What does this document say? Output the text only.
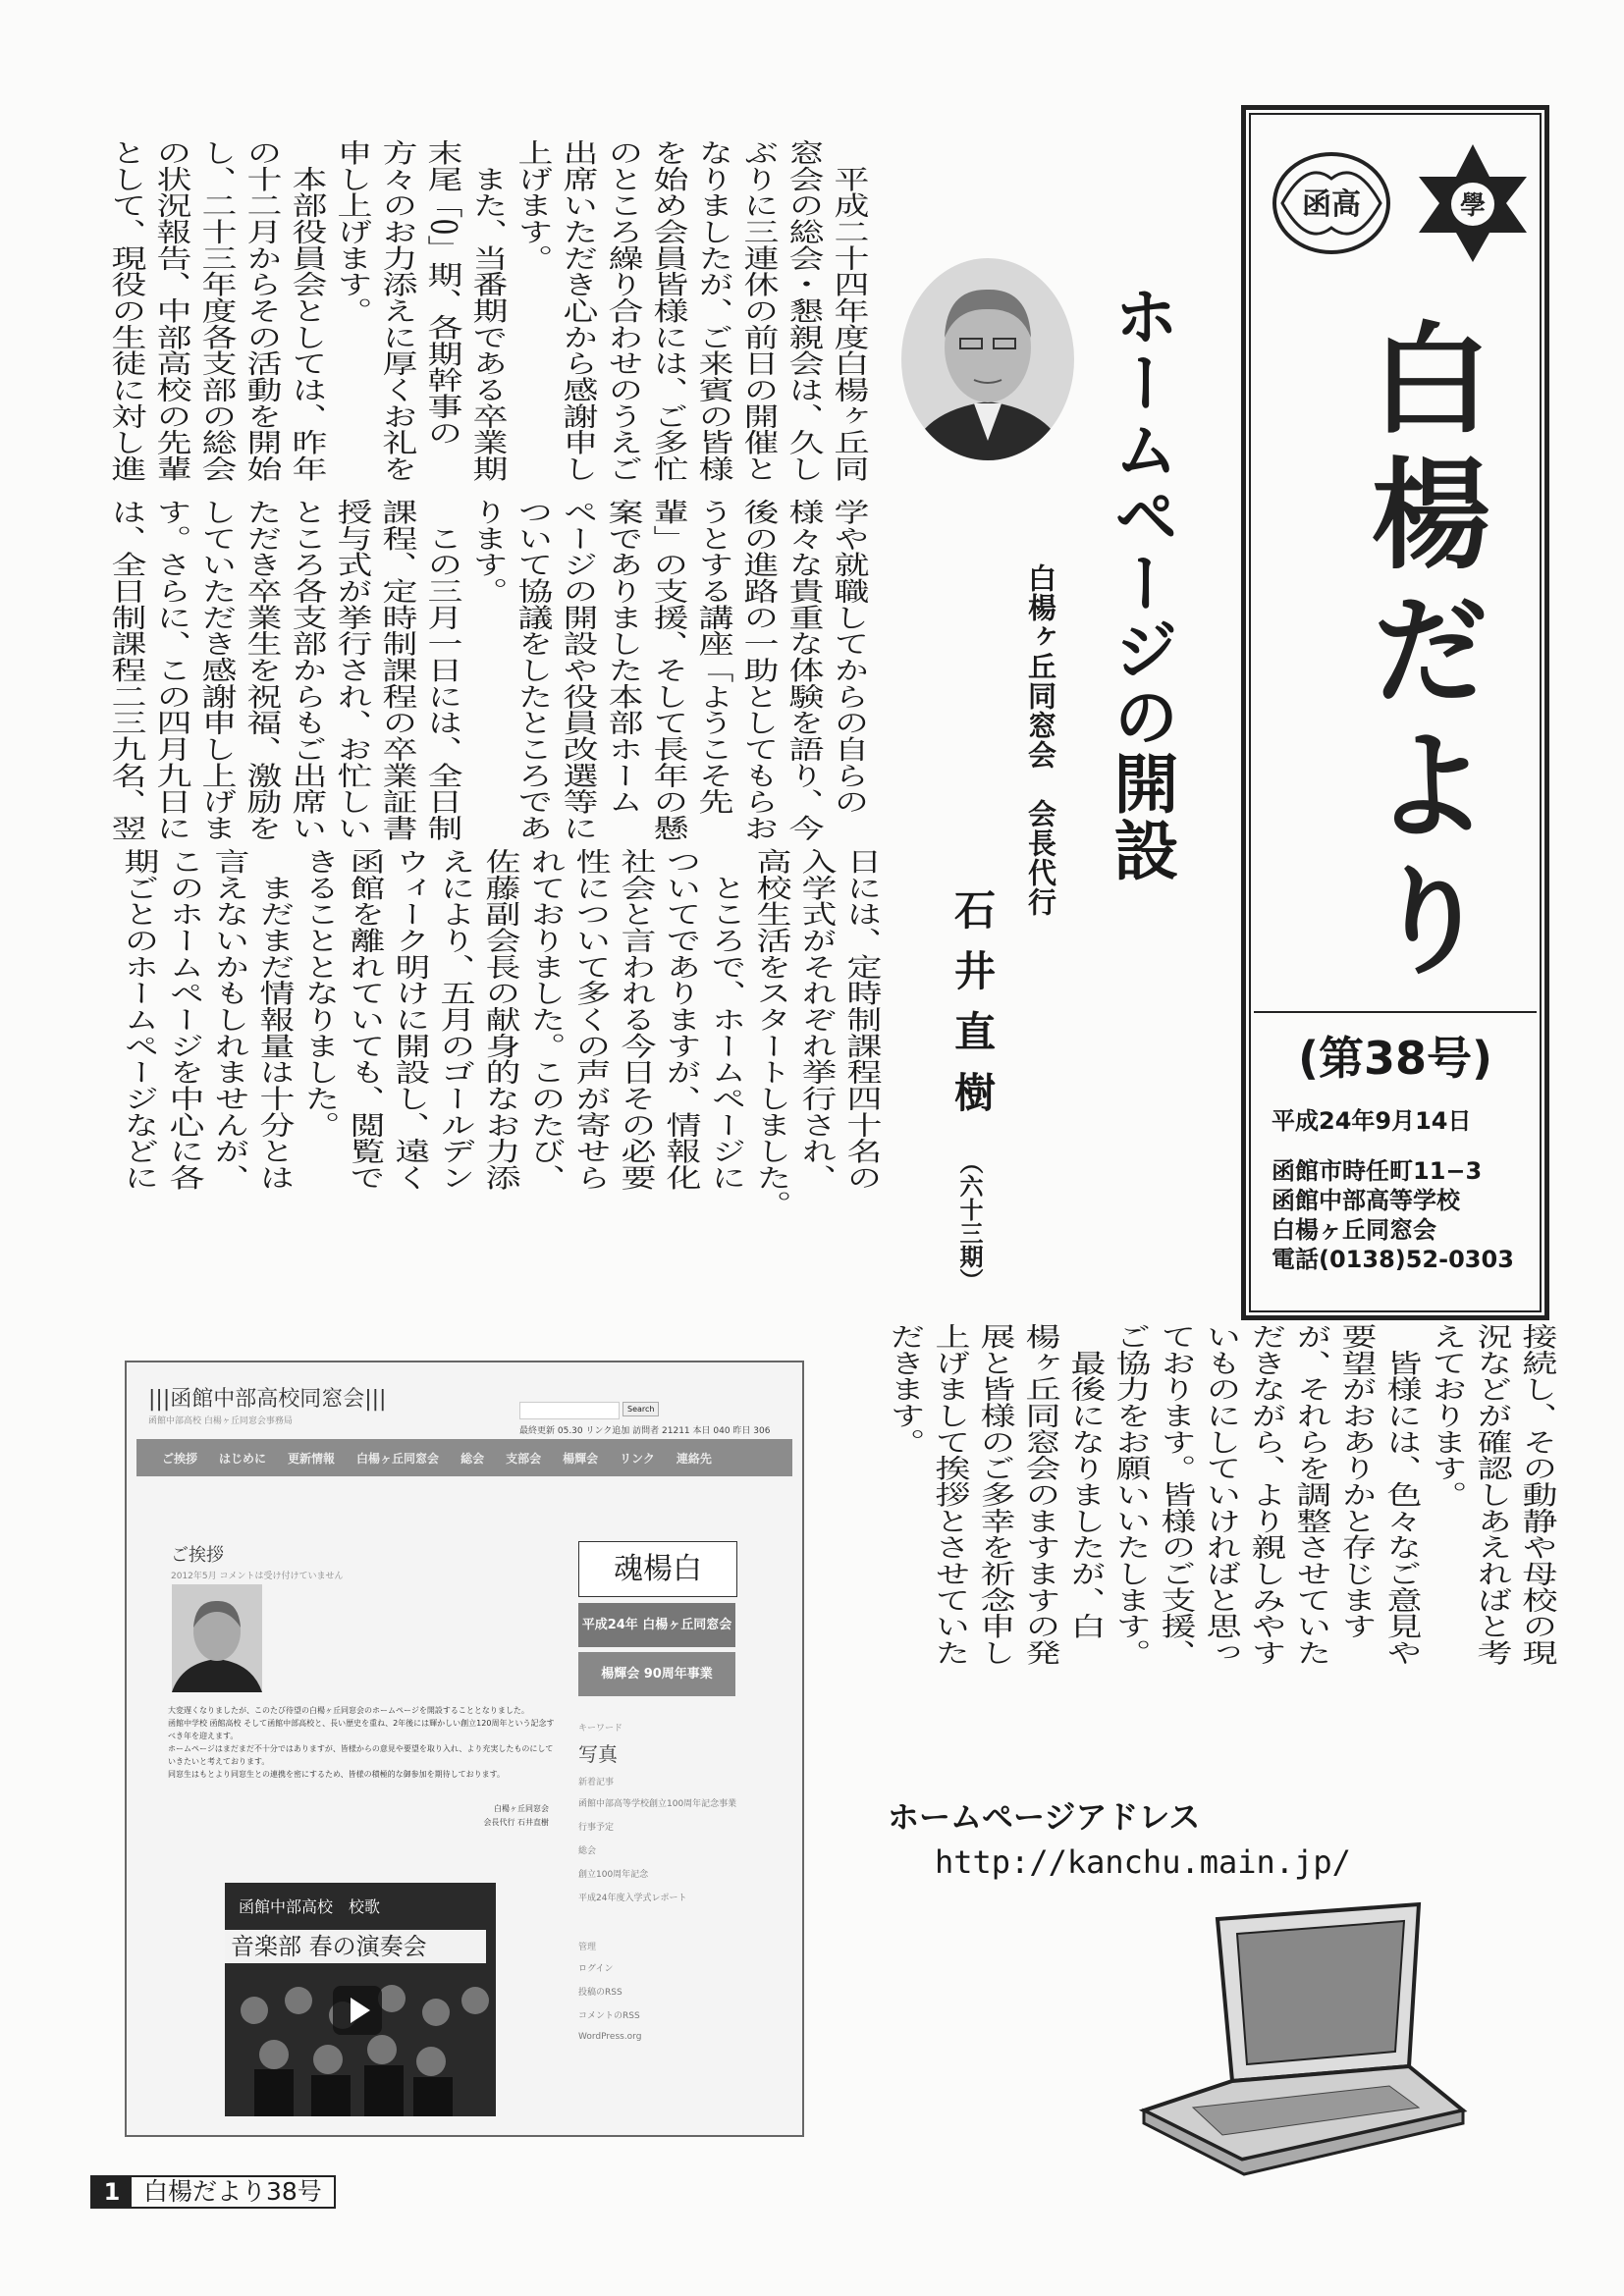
函高	學
白楊だより
(第38号)
平成24年9月14日
函館市時任町11−3
函館中部高等学校
白楊ヶ丘同窓会
電話(0138)52-0303
ホームページの開設
白楊ヶ丘同窓会　会長代行
石井直樹
（六十三期）
　平成二十四年度白楊ヶ丘同
窓会の総会・懇親会は、久し
ぶりに三連休の前日の開催と
なりましたが、ご来賓の皆様
を始め会員皆様には、ご多忙
のところ繰り合わせのうえご
出席いただき心から感謝申し
上げます。
　また、当番期である卒業期
末尾「0」期、各期幹事の
方々のお力添えに厚くお礼を
申し上げます。
　本部役員会としては、昨年
の十二月からその活動を開始
し、二十三年度各支部の総会
の状況報告、中部高校の先輩
として、現役の生徒に対し進
学や就職してからの自らの
様々な貴重な体験を語り、今
後の進路の一助としてもらお
うとする講座「ようこそ先
輩」の支援、そして長年の懸
案でありました本部ホーム
ページの開設や役員改選等に
ついて協議をしたところであ
ります。
　この三月一日には、全日制
課程、定時制課程の卒業証書
授与式が挙行され、お忙しい
ところ各支部からもご出席い
ただき卒業生を祝福、激励を
していただき感謝申し上げま
す。さらに、この四月九日に
は、全日制課程二三九名、翌
日には、定時制課程四十名の
入学式がそれぞれ挙行され、
高校生活をスタートしました。
　ところで、ホームページに
ついてでありますが、情報化
社会と言われる今日その必要
性について多くの声が寄せら
れておりました。このたび、
佐藤副会長の献身的なお力添
えにより、五月のゴールデン
ウィーク明けに開設し、遠く
函館を離れていても、閲覧で
きることとなりました。
　まだまだ情報量は十分とは
言えないかもしれませんが、
このホームページを中心に各
期ごとのホームページなどに
接続し、その動静や母校の現
況などが確認しあえればと考
えております。
　皆様には、色々なご意見や
要望がおありかと存じます
が、それらを調整させていた
だきながら、より親しみやす
いものにしていければと思っ
ております。皆様のご支援、
ご協力をお願いいたします。
　最後になりましたが、白
楊ヶ丘同窓会のますますの発
展と皆様のご多幸を祈念申し
上げまして挨拶とさせていた
だきます。
|||函館中部高校同窓会|||
函館中部高校 白楊ヶ丘同窓会事務局
Search
最終更新 05.30 リンク追加 訪問者 21211 本日 040 昨日 306
ご挨拶 はじめに 更新情報 白楊ヶ丘同窓会 総会 支部会 楊輝会 リンク 連絡先
ご挨拶
2012年5月 コメントは受け付けていません
大変遅くなりましたが、このたび待望の白楊ヶ丘同窓会のホームページを開設することとなりました。
函館中学校 函館高校 そして函館中部高校と、長い歴史を重ね、2年後には輝かしい創立120周年という記念すべき年を迎えます。
ホームページはまだまだ不十分ではありますが、皆様からの意見や要望を取り入れ、より充実したものにしていきたいと考えております。
同窓生はもとより同窓生との連携を密にするため、皆様の積極的な御参加を期待しております。
白楊ヶ丘同窓会
会長代行 石井直樹
函館中部高校　校歌
音楽部 春の演奏会
白楊魂
平成24年 白楊ヶ丘同窓会
楊輝会 90周年事業
キーワード
写真
新着記事
函館中部高等学校創立100周年記念事業
行事予定
総会
創立100周年記念
平成24年度入学式レポート
管理
ログイン
投稿のRSS
コメントのRSS
WordPress.org
ホームページアドレス
http://kanchu.main.jp/
1 白楊だより38号
